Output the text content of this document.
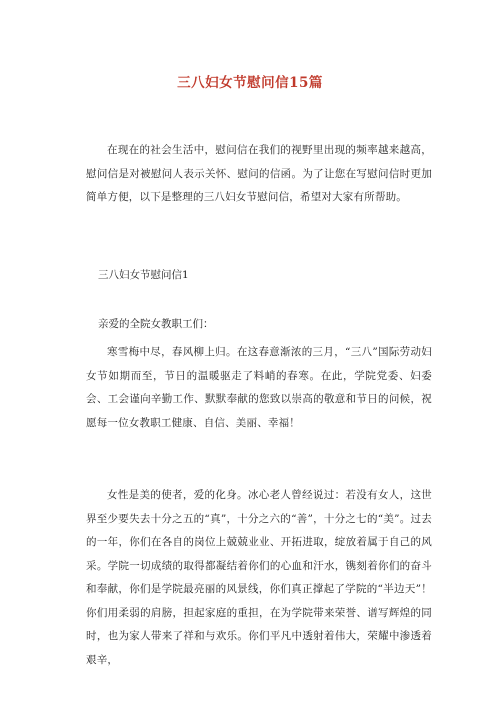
三八妇女节慰问信15篇

在现在的社会生活中，慰问信在我们的视野里出现的频率越来越高，慰问信是对被慰问人表示关怀、慰问的信函。为了让您在写慰问信时更加简单方便，以下是整理的三八妇女节慰问信，希望对大家有所帮助。

三八妇女节慰问信1

亲爱的全院女教职工们：

寒雪梅中尽，春风柳上归。在这春意渐浓的三月，“三八”国际劳动妇女节如期而至，节日的温暖驱走了料峭的春寒。在此，学院党委、妇委会、工会谨向辛勤工作、默默奉献的您致以崇高的敬意和节日的问候，祝愿每一位女教职工健康、自信、美丽、幸福！

女性是美的使者，爱的化身。冰心老人曾经说过：若没有女人，这世界至少要失去十分之五的“真”，十分之六的“善”，十分之七的“美”。过去的一年，你们在各自的岗位上兢兢业业、开拓进取，绽放着属于自己的风采。学院一切成绩的取得都凝结着你们的心血和汗水，镌刻着你们的奋斗和奉献，你们是学院最亮丽的风景线，你们真正撑起了学院的“半边天”！你们用柔弱的肩膀，担起家庭的重担，在为学院带来荣誉、谱写辉煌的同时，也为家人带来了祥和与欢乐。你们平凡中透射着伟大，荣耀中渗透着艰辛，
